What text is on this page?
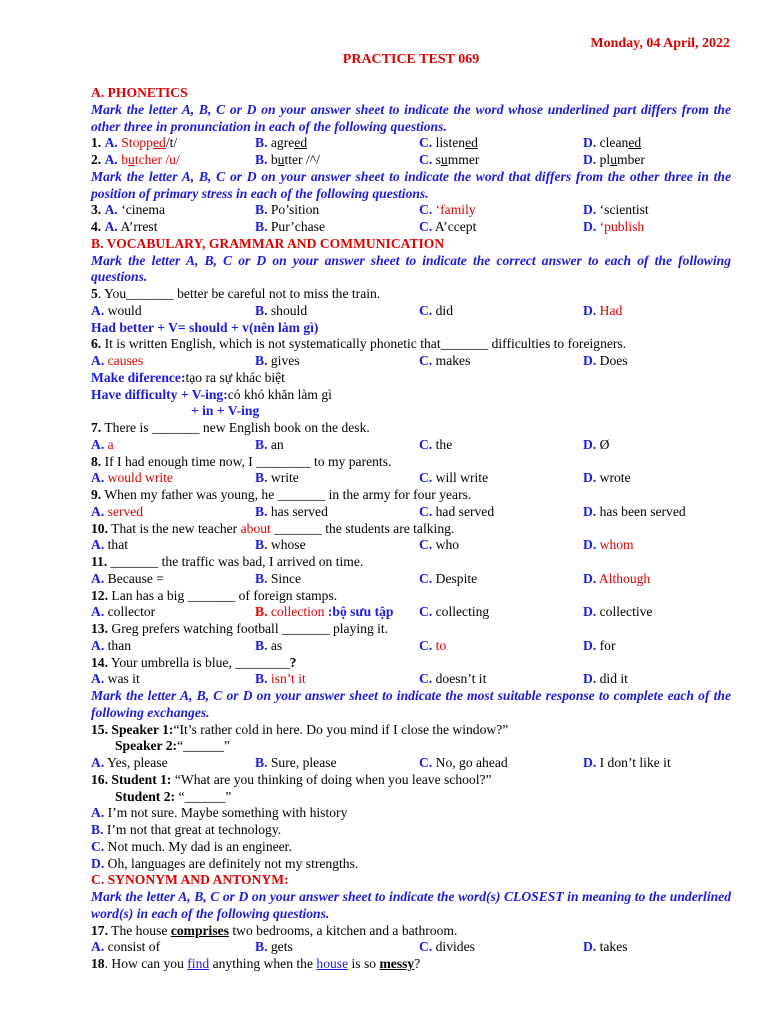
Monday, 04 April, 2022
PRACTICE TEST 069
A. PHONETICS
Mark the letter A, B, C or D on your answer sheet to indicate the word whose underlined part differs from the other three in pronunciation in each of the following questions.
1. A. Stopped/t/	B. agreed	C. listened	D. cleaned
2. A. butcher /u/	B. butter /^/	C. summer	D. plumber
Mark the letter A, B, C or D on your answer sheet to indicate the word that differs from the other three in the position of primary stress in each of the following questions.
3. A. ‘cinema	B. Po’sition	C. ‘family	D. ‘scientist
4. A. A’rrest	B. Pur’chase	C. A’ccept	D. ‘publish
B. VOCABULARY, GRAMMAR AND COMMUNICATION
Mark the letter A, B, C or D on your answer sheet to indicate the correct answer to each of the following questions.
5. You_______ better be careful not to miss the train.
A. would	B. should	C. did	D. Had
Had better + V= should + v(nên làm gì)
6. It is written English, which is not systematically phonetic that_______ difficulties to foreigners.
A. causes	B. gives	C. makes	D. Does
Make diference:tạo ra sự khác biệt
Have difficulty + V-ing:có khó khăn làm gì
+ in + V-ing
7. There is _______ new English book on the desk.
A. a	B. an	C. the	D. Ø
8. If I had enough time now, I ________ to my parents.
A. would write	B. write	C. will write	D. wrote
9. When my father was young, he _______ in the army for four years.
A. served	B. has served	C. had served	D. has been served
10. That is the new teacher about _______ the students are talking.
A. that	B. whose	C. who	D. whom
11. _______ the traffic was bad, I arrived on time.
A. Because =	B. Since	C. Despite	D. Although
12. Lan has a big _______ of foreign stamps.
A. collector	B. collection :bộ sưu tập	C. collecting	D. collective
13. Greg prefers watching football _______ playing it.
A. than	B. as	C. to	D. for
14. Your umbrella is blue, ________?
A. was it	B. isn’t it	C. doesn’t it	D. did it
Mark the letter A, B, C or D on your answer sheet to indicate the most suitable response to complete each of the following exchanges.
15. Speaker 1:“It’s rather cold in here. Do you mind if I close the window?”
Speaker 2:“______”
A. Yes, please	B. Sure, please	C. No, go ahead	D. I don’t like it
16. Student 1: “What are you thinking of doing when you leave school?”
Student 2: “______”
A. I’m not sure. Maybe something with history
B. I’m not that great at technology.
C. Not much. My dad is an engineer.
D. Oh, languages are definitely not my strengths.
C. SYNONYM AND ANTONYM:
Mark the letter A, B, C or D on your answer sheet to indicate the word(s) CLOSEST in meaning to the underlined word(s) in each of the following questions.
17. The house comprises two bedrooms, a kitchen and a bathroom.
A. consist of	B. gets	C. divides	D. takes
18. How can you find anything when the house is so messy?
